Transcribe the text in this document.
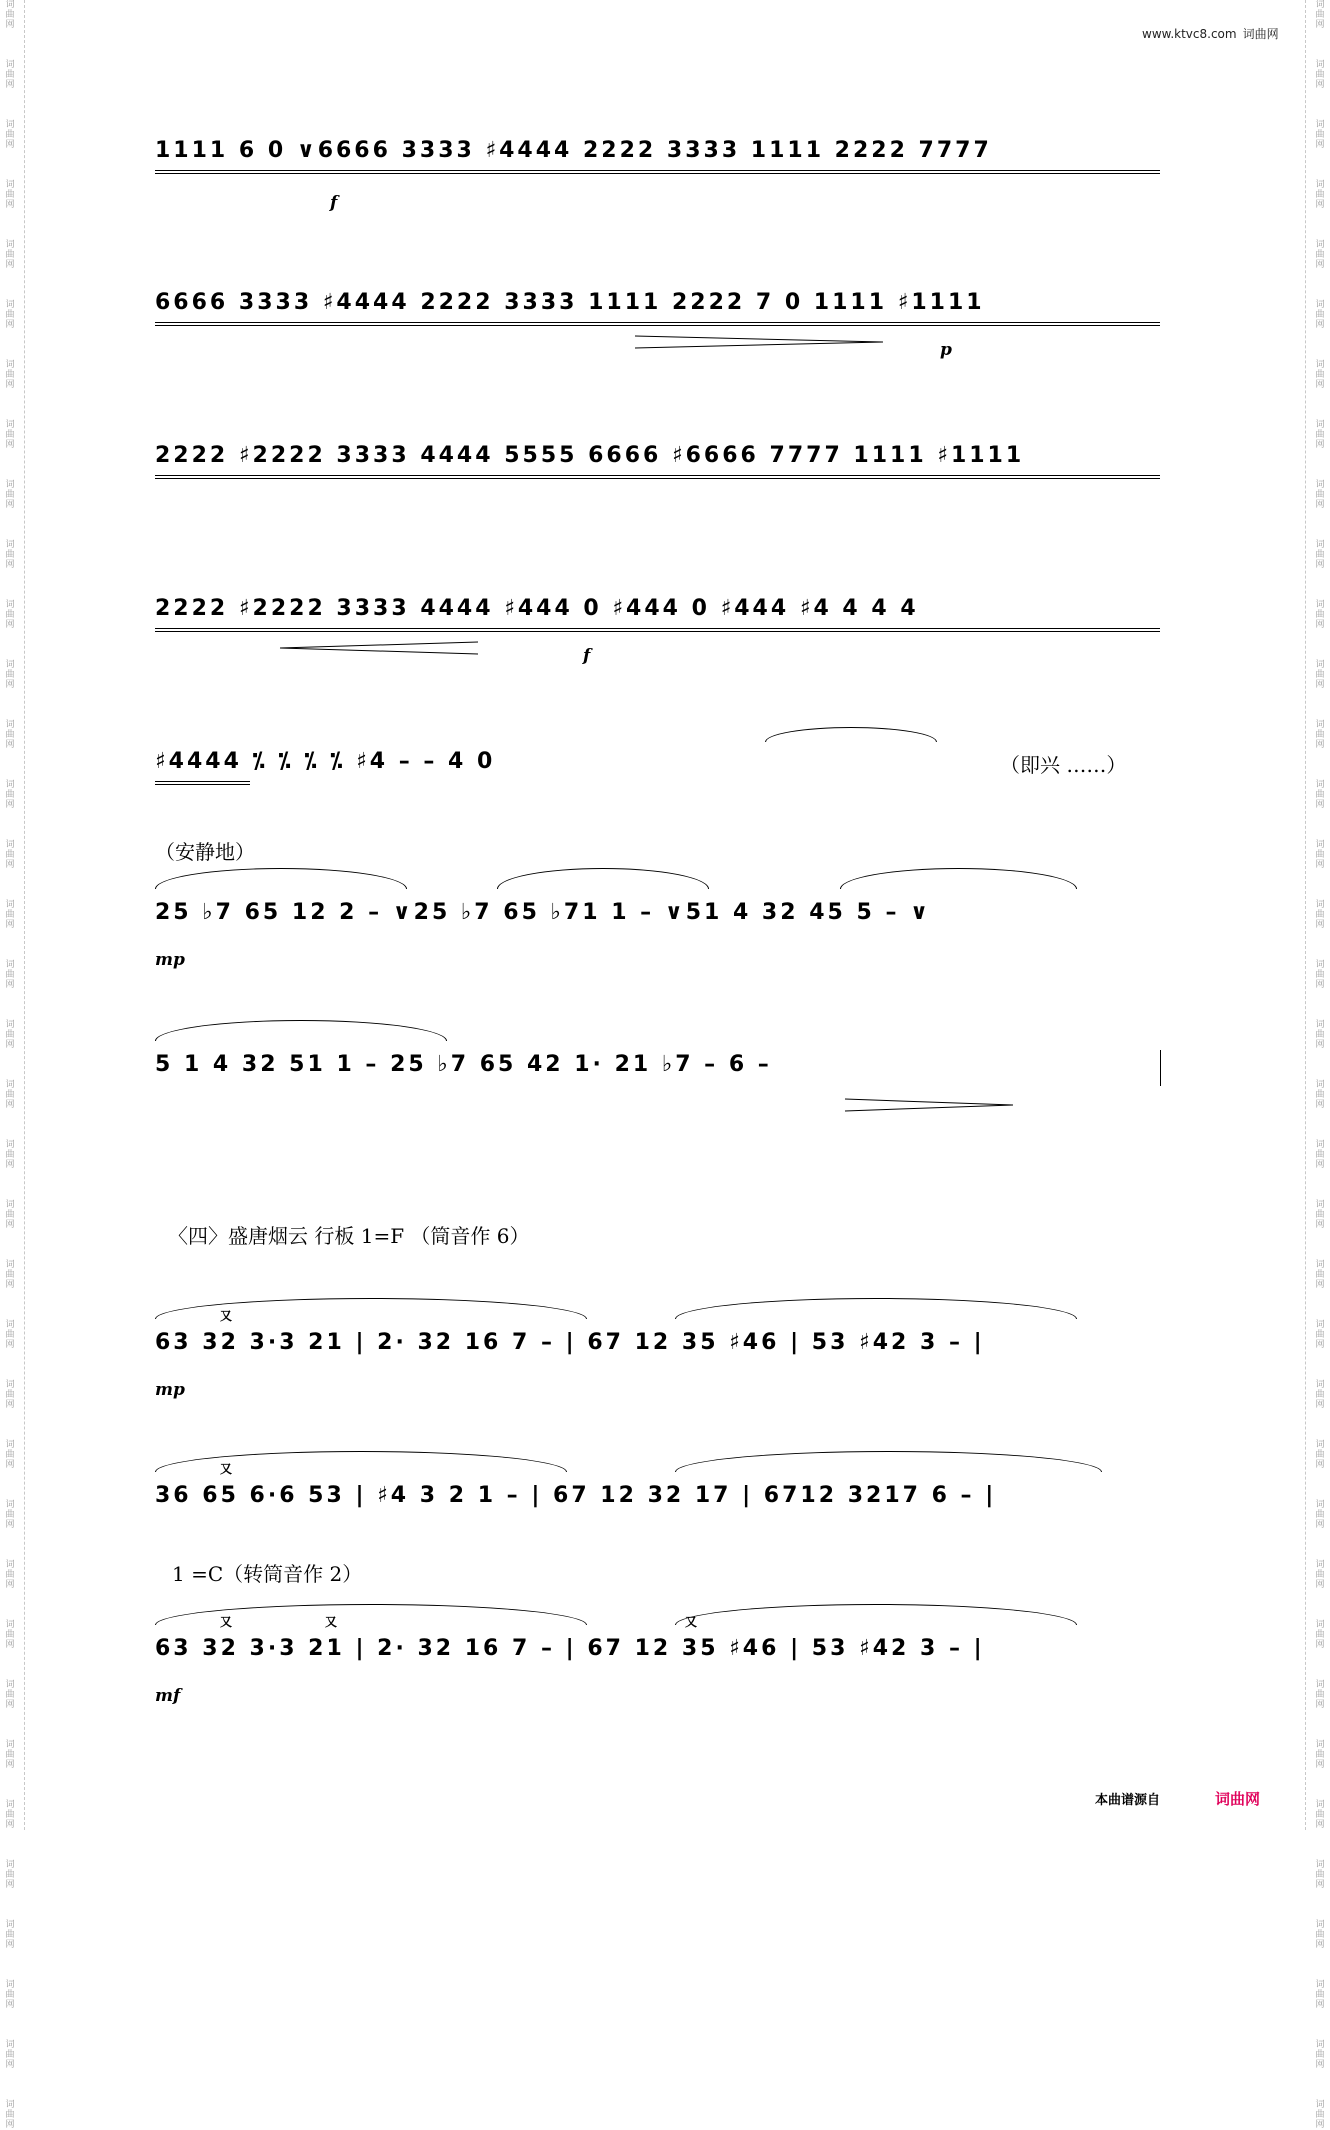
词
曲
网
词
曲
网
词
曲
网
词
曲
网
词
曲
网
词
曲
网
词
曲
网
词
曲
网
词
曲
网
词
曲
网
词
曲
网
词
曲
网
词
曲
网
词
曲
网
词
曲
网
词
曲
网
词
曲
网
词
曲
网
词
曲
网
词
曲
网
词
曲
网
词
曲
网
词
曲
网
词
曲
网
词
曲
网
词
曲
网
词
曲
网
词
曲
网
词
曲
网
词
曲
网
词
曲
网
词
曲
网
词
曲
网
词
曲
网
词
曲
网
词
曲
网
词
曲
网
词
曲
网
词
曲
网
词
曲
网
词
曲
网
词
曲
网
词
曲
网
词
曲
网
词
曲
网
词
曲
网
词
曲
网
词
曲
网
词
曲
网
词
曲
网
词
曲
网
词
曲
网
词
曲
网
词
曲
网
词
曲
网
词
曲
网
词
曲
网
词
曲
网
词
曲
网
词
曲
网
词
曲
网
词
曲
网
词
曲
网
词
曲
网
词
曲
网
词
曲
网
词
曲
网
词
曲
网
词
曲
网
词
曲
网
词
曲
网
词
曲
网
www.ktvc8.com 词曲网
1111 6 0 ∨6666 3333 ♯4444 2222 3333 1111 2222 7777
f
6666 3333 ♯4444 2222 3333 1111 2222 7 0 1111 ♯1111
p
2222 ♯2222 3333 4444 5555 6666 ♯6666 7777 1111 ♯1111
2222 ♯2222 3333 4444 ♯444 0 ♯444 0 ♯444 ♯4 4 4 4
f
♯4444 ⁒ ⁒ ⁒ ⁒ ♯4 – – 4 0	（即兴 ……）
（安静地）
25 ♭7 65 12 2 – ∨25 ♭7 65 ♭71 1 – ∨51 4 32 45 5 – ∨
mp
5 1 4 32 51 1 – 25 ♭7 65 42 1· 21 ♭7 – 6 –
〈四〉盛唐烟云 行板 1=F （筒音作 6）
又
63 32 3·3 21 | 2· 32 16 7 – | 67 12 35 ♯46 | 53 ♯42 3 – |
mp
又
36 65 6·6 53 | ♯4 3 2 1 – | 67 12 32 17 | 6712 3217 6 – |
1 =C（转筒音作 2）
又	又	又
63 32 3·3 21 | 2· 32 16 7 – | 67 12 35 ♯46 | 53 ♯42 3 – |
mf
本曲谱源自	词曲网
